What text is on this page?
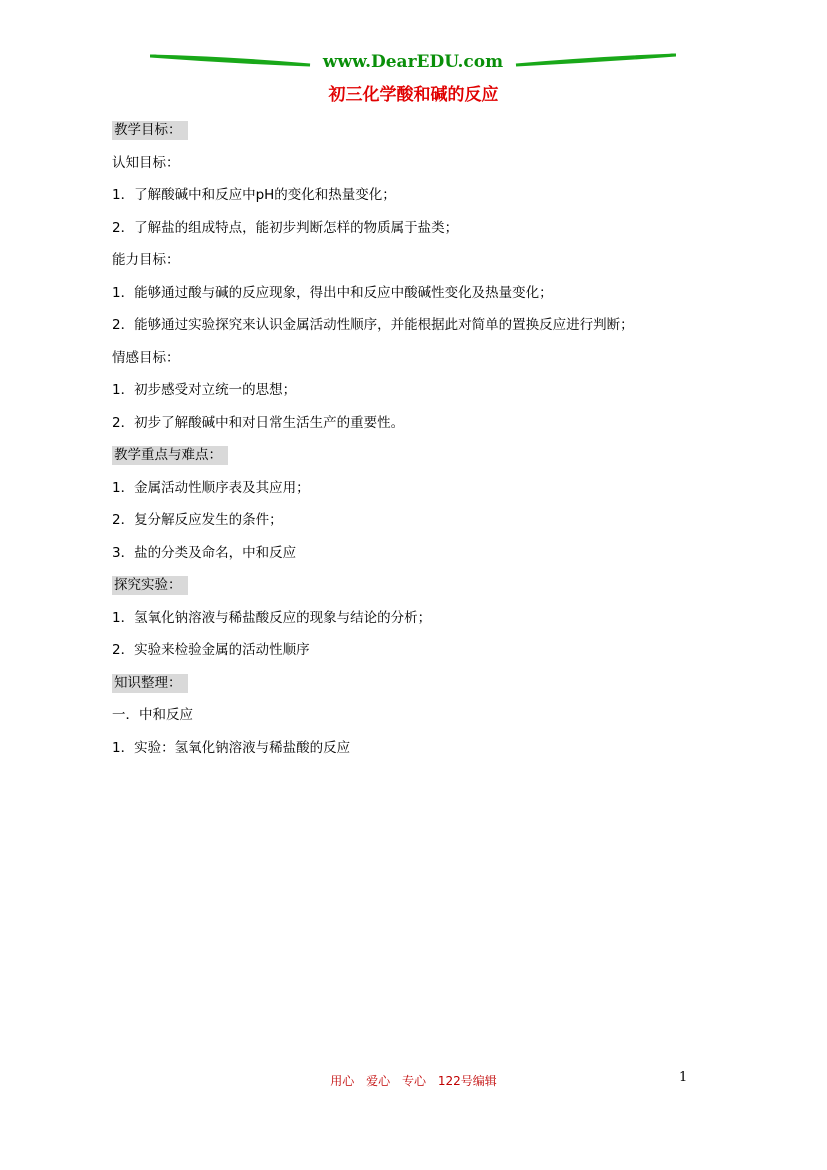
www.DearEDU.com
初三化学酸和碱的反应
教学目标：
认知目标：
1．了解酸碱中和反应中pH的变化和热量变化；
2．了解盐的组成特点，能初步判断怎样的物质属于盐类；
能力目标：
1．能够通过酸与碱的反应现象，得出中和反应中酸碱性变化及热量变化；
2．能够通过实验探究来认识金属活动性顺序，并能根据此对简单的置换反应进行判断；
情感目标：
1．初步感受对立统一的思想；
2．初步了解酸碱中和对日常生活生产的重要性。
教学重点与难点：
1．金属活动性顺序表及其应用；
2．复分解反应发生的条件；
3．盐的分类及命名，中和反应
探究实验：
1．氢氧化钠溶液与稀盐酸反应的现象与结论的分析；
2．实验来检验金属的活动性顺序
知识整理：
一．中和反应
1．实验：氢氧化钠溶液与稀盐酸的反应
用心 爱心 专心 122号编辑	1
